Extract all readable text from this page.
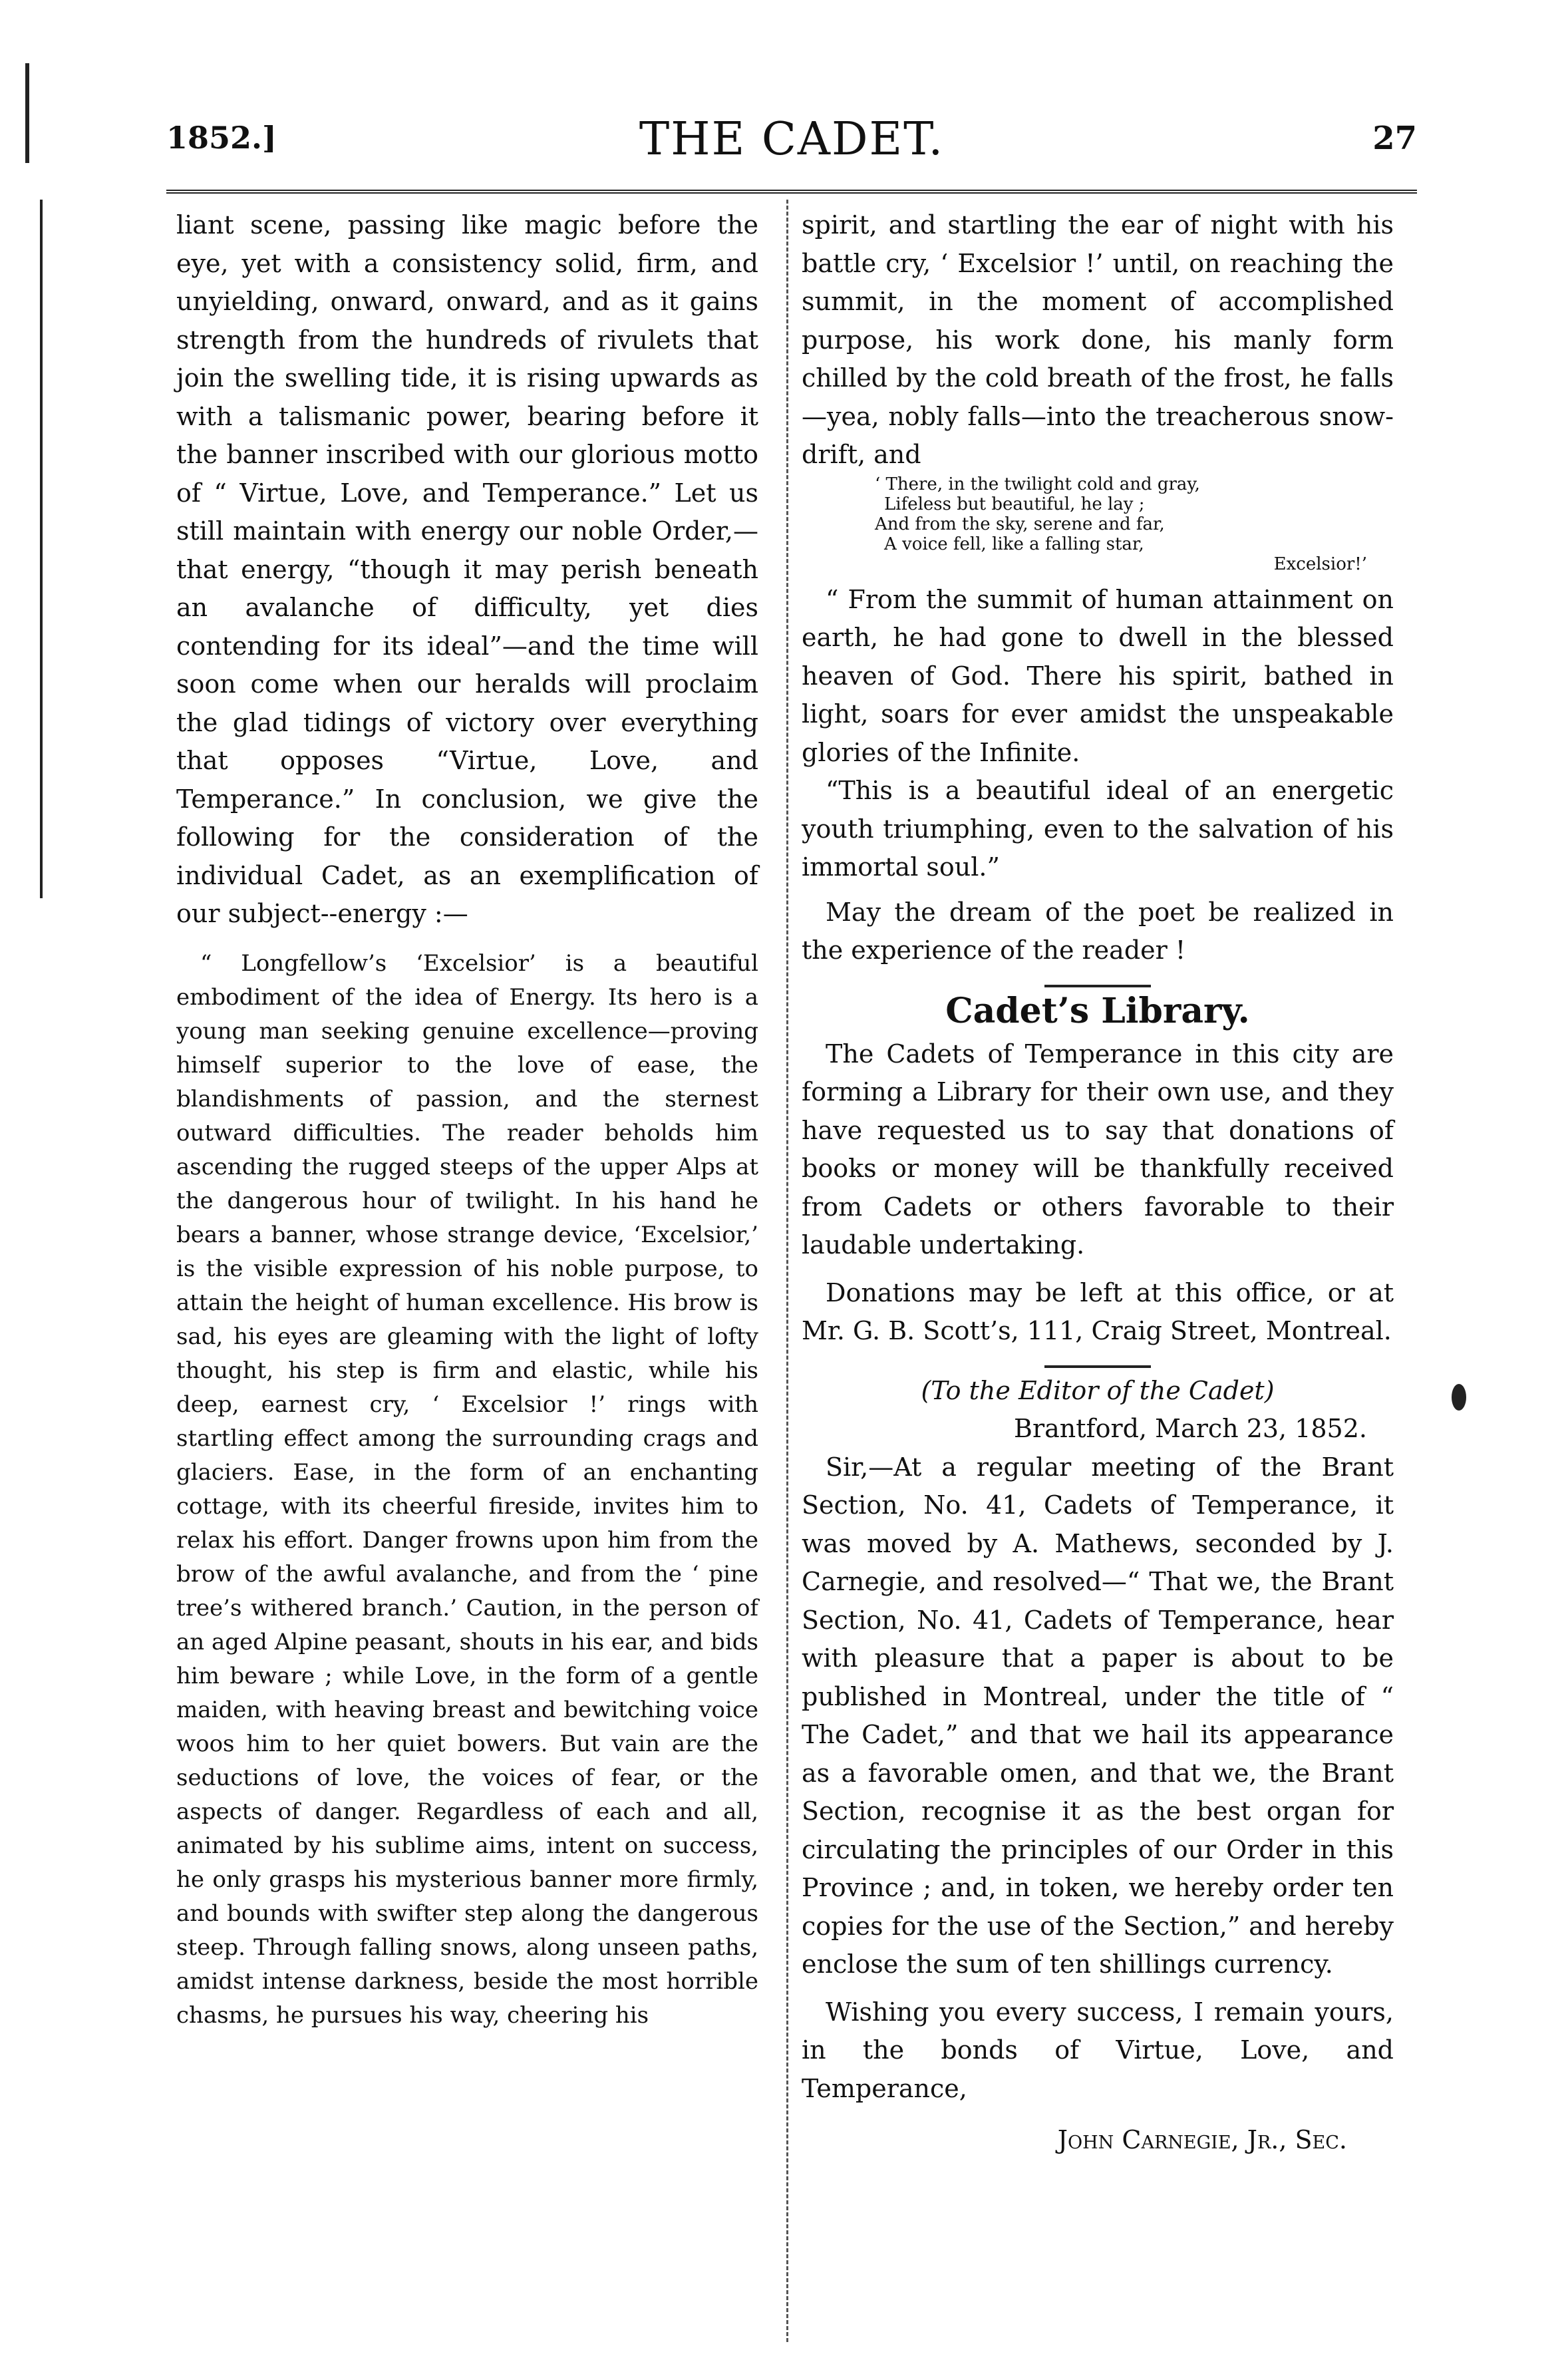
1852.]	THE CADET.	27

liant scene, passing like magic before the eye, yet with a consistency solid, firm, and unyielding, onward, onward, and as it gains strength from the hundreds of rivulets that join the swelling tide, it is rising upwards as with a talismanic power, bearing before it the banner inscribed with our glorious motto of “ Virtue, Love, and Temperance.” Let us still maintain with energy our noble Order,—that energy, “though it may perish beneath an avalanche of difficulty, yet dies contending for its ideal”—and the time will soon come when our heralds will proclaim the glad tidings of victory over everything that opposes “Virtue, Love, and Temperance.” In conclusion, we give the following for the consideration of the individual Cadet, as an exemplification of our subject--energy :—

“ Longfellow’s ‘Excelsior’ is a beautiful embodiment of the idea of Energy. Its hero is a young man seeking genuine excellence—proving himself superior to the love of ease, the blandishments of passion, and the sternest outward difficulties. The reader beholds him ascending the rugged steeps of the upper Alps at the dangerous hour of twilight. In his hand he bears a banner, whose strange device, ‘Excelsior,’ is the visible expression of his noble purpose, to attain the height of human excellence. His brow is sad, his eyes are gleaming with the light of lofty thought, his step is firm and elastic, while his deep, earnest cry, ‘ Excelsior !’ rings with startling effect among the surrounding crags and glaciers. Ease, in the form of an enchanting cottage, with its cheerful fireside, invites him to relax his effort. Danger frowns upon him from the brow of the awful avalanche, and from the ‘ pine tree’s withered branch.’ Caution, in the person of an aged Alpine peasant, shouts in his ear, and bids him beware ; while Love, in the form of a gentle maiden, with heaving breast and bewitching voice woos him to her quiet bowers. But vain are the seductions of love, the voices of fear, or the aspects of danger. Regardless of each and all, animated by his sublime aims, intent on success, he only grasps his mysterious banner more firmly, and bounds with swifter step along the dangerous steep. Through falling snows, along unseen paths, amidst intense darkness, beside the most horrible chasms, he pursues his way, cheering his

spirit, and startling the ear of night with his battle cry, ‘ Excelsior !’ until, on reaching the summit, in the moment of accomplished purpose, his work done, his manly form chilled by the cold breath of the frost, he falls—yea, nobly falls—into the treacherous snow-drift, and

‘ There, in the twilight cold and gray,
Lifeless but beautiful, he lay ;
And from the sky, serene and far,
A voice fell, like a falling star,
Excelsior!’

“ From the summit of human attainment on earth, he had gone to dwell in the blessed heaven of God. There his spirit, bathed in light, soars for ever amidst the unspeakable glories of the Infinite.

“This is a beautiful ideal of an energetic youth triumphing, even to the salvation of his immortal soul.”

May the dream of the poet be realized in the experience of the reader !

Cadet’s Library.

The Cadets of Temperance in this city are forming a Library for their own use, and they have requested us to say that donations of books or money will be thankfully received from Cadets or others favorable to their laudable undertaking.

Donations may be left at this office, or at Mr. G. B. Scott’s, 111, Craig Street, Montreal.

(To the Editor of the Cadet)
Brantford, March 23, 1852.

Sir,—At a regular meeting of the Brant Section, No. 41, Cadets of Temperance, it was moved by A. Mathews, seconded by J. Carnegie, and resolved—“ That we, the Brant Section, No. 41, Cadets of Temperance, hear with pleasure that a paper is about to be published in Montreal, under the title of “ The Cadet,” and that we hail its appearance as a favorable omen, and that we, the Brant Section, recognise it as the best organ for circulating the principles of our Order in this Province ; and, in token, we hereby order ten copies for the use of the Section,” and hereby enclose the sum of ten shillings currency.

Wishing you every success, I remain yours, in the bonds of Virtue, Love, and Temperance,

John Carnegie, Jr., Sec.
